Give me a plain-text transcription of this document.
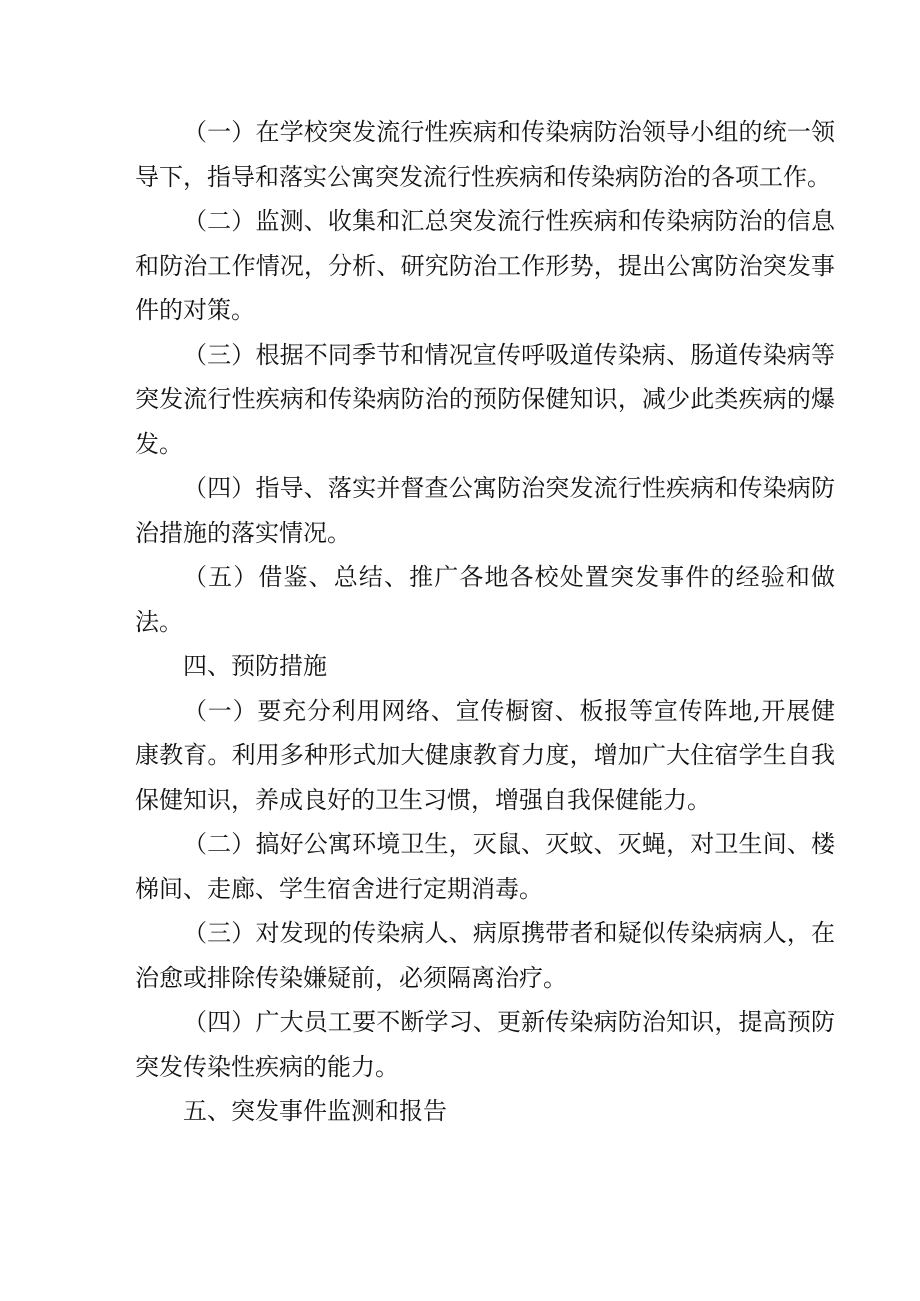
（一）在学校突发流行性疾病和传染病防治领导小组的统一领导下，指导和落实公寓突发流行性疾病和传染病防治的各项工作。

（二）监测、收集和汇总突发流行性疾病和传染病防治的信息和防治工作情况，分析、研究防治工作形势，提出公寓防治突发事件的对策。

（三）根据不同季节和情况宣传呼吸道传染病、肠道传染病等突发流行性疾病和传染病防治的预防保健知识，减少此类疾病的爆发。

（四）指导、落实并督查公寓防治突发流行性疾病和传染病防治措施的落实情况。

（五）借鉴、总结、推广各地各校处置突发事件的经验和做法。

四、预防措施

（一）要充分利用网络、宣传橱窗、板报等宣传阵地,开展健康教育。利用多种形式加大健康教育力度，增加广大住宿学生自我保健知识，养成良好的卫生习惯，增强自我保健能力。

（二）搞好公寓环境卫生，灭鼠、灭蚊、灭蝇，对卫生间、楼梯间、走廊、学生宿舍进行定期消毒。

（三）对发现的传染病人、病原携带者和疑似传染病病人，在治愈或排除传染嫌疑前，必须隔离治疗。

（四）广大员工要不断学习、更新传染病防治知识，提高预防突发传染性疾病的能力。

五、突发事件监测和报告
